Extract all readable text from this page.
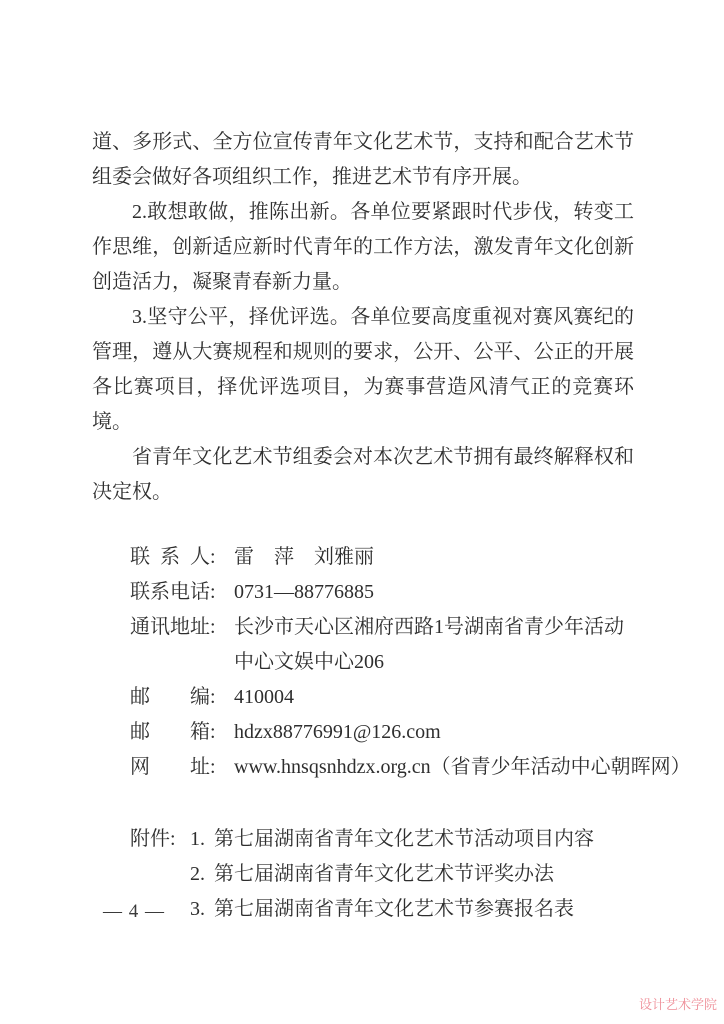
道、多形式、全方位宣传青年文化艺术节，支持和配合艺术节组委会做好各项组织工作，推进艺术节有序开展。

2.敢想敢做，推陈出新。各单位要紧跟时代步伐，转变工作思维，创新适应新时代青年的工作方法，激发青年文化创新创造活力，凝聚青春新力量。

3.坚守公平，择优评选。各单位要高度重视对赛风赛纪的管理，遵从大赛规程和规则的要求，公开、公平、公正的开展各比赛项目，择优评选项目，为赛事营造风清气正的竞赛环境。

省青年文化艺术节组委会对本次艺术节拥有最终解释权和决定权。

联系人 : 雷　萍　刘雅丽
联系电话 : 0731—88776885
通讯地址 : 长沙市天心区湘府西路1号湖南省青少年活动中心文娱中心206
邮编 : 410004
邮箱 : hdzx88776991@126.com
网址 : www.hnsqsnhdzx.org.cn（省青少年活动中心朝晖网）
附件: 1. 第七届湖南省青年文化艺术节活动项目内容
2. 第七届湖南省青年文化艺术节评奖办法
3. 第七届湖南省青年文化艺术节参赛报名表
— 4 —
设计艺术学院
